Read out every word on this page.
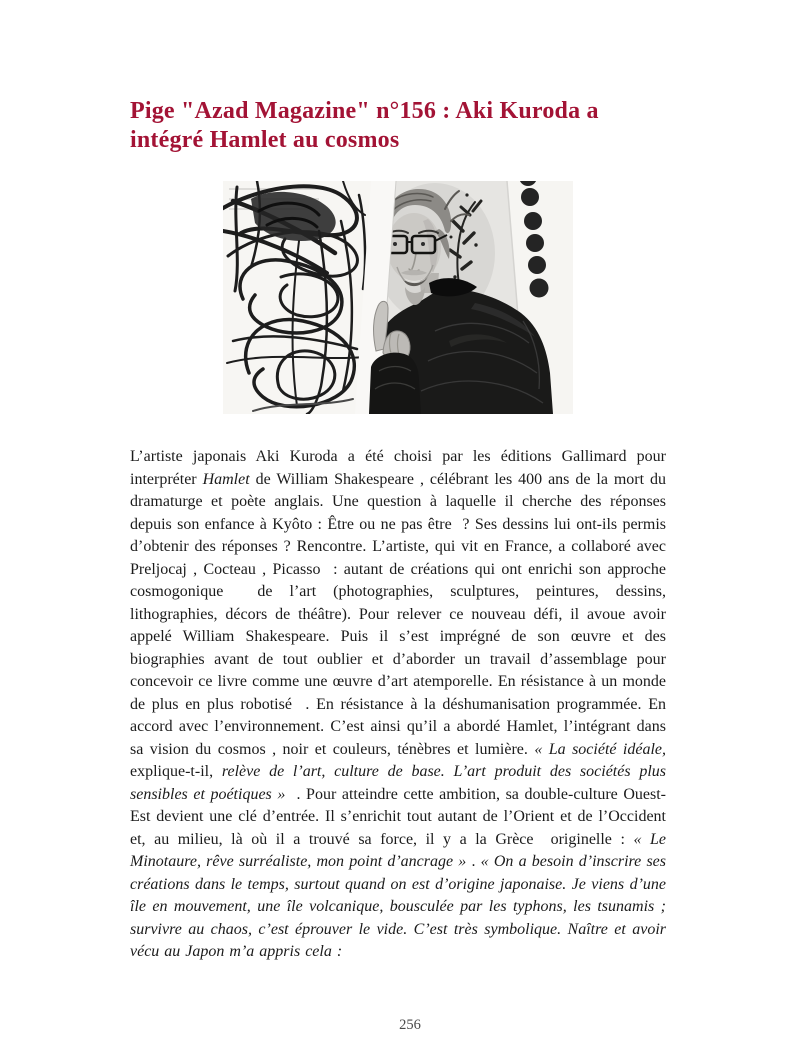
Pige "Azad Magazine" n°156 : Aki Kuroda a
intégré Hamlet au cosmos

L’artiste japonais Aki Kuroda a été choisi par les éditions Gallimard pour interpréter Hamlet de William Shakespeare , célébrant les 400 ans de la mort du dramaturge et poète anglais. Une question à laquelle il cherche des réponses depuis son enfance à Kyôto : Être ou ne pas être  ? Ses dessins lui ont-ils permis d’obtenir des réponses ? Rencontre. L’artiste, qui vit en France, a collaboré avec Preljocaj , Cocteau , Picasso  : autant de créations qui ont enrichi son approche cosmogonique  de l’art (photographies, sculptures, peintures, dessins, lithographies, décors de théâtre). Pour relever ce nouveau défi, il avoue avoir appelé William Shakespeare. Puis il s’est imprégné de son œuvre et des biographies avant de tout oublier et d’aborder un travail d’assemblage pour concevoir ce livre comme une œuvre d’art atemporelle. En résistance à un monde de plus en plus robotisé  . En résistance à la déshumanisation programmée. En accord avec l’environnement. C’est ainsi qu’il a abordé Hamlet, l’intégrant dans sa vision du cosmos , noir et couleurs, ténèbres et lumière. « La société idéale, explique-t-il, relève de l’art, culture de base. L’art produit des sociétés plus sensibles et poétiques »  . Pour atteindre cette ambition, sa double-culture Ouest-Est devient une clé d’entrée. Il s’enrichit tout autant de l’Orient et de l’Occident et, au milieu, là où il a trouvé sa force, il y a la Grèce  originelle : « Le Minotaure, rêve surréaliste, mon point d’ancrage » . « On a besoin d’inscrire ses créations dans le temps, surtout quand on est d’origine japonaise. Je viens d’une île en mouvement, une île volcanique, bousculée par les typhons, les tsunamis ; survivre au chaos, c’est éprouver le vide. C’est très symbolique. Naître et avoir vécu au Japon m’a appris cela :

256
